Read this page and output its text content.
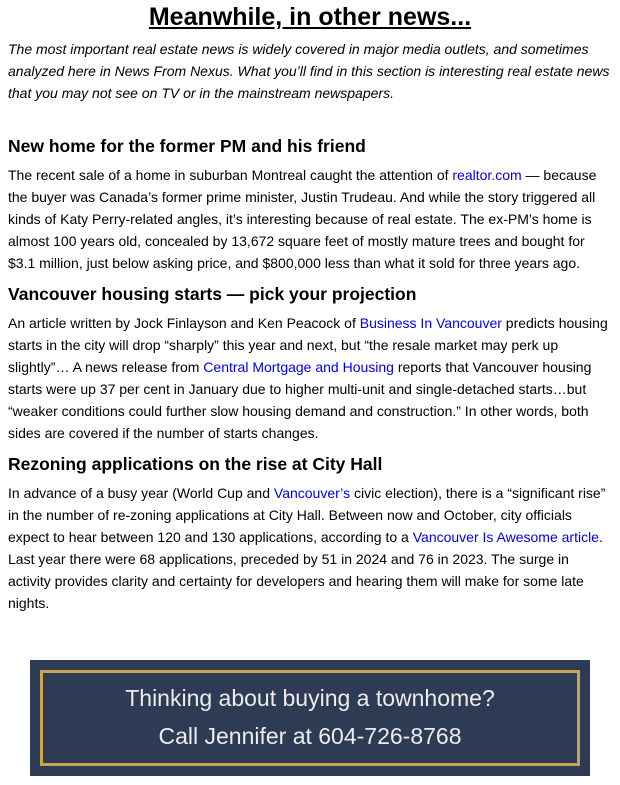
Meanwhile, in other news...

The most important real estate news is widely covered in major media outlets, and sometimes analyzed here in News From Nexus. What you’ll find in this section is interesting real estate news that you may not see on TV or in the mainstream newspapers.

New home for the former PM and his friend

The recent sale of a home in suburban Montreal caught the attention of realtor.com — because the buyer was Canada’s former prime minister, Justin Trudeau. And while the story triggered all kinds of Katy Perry-related angles, it’s interesting because of real estate. The ex-PM’s home is almost 100 years old, concealed by 13,672 square feet of mostly mature trees and bought for $3.1 million, just below asking price, and $800,000 less than what it sold for three years ago.

Vancouver housing starts — pick your projection

An article written by Jock Finlayson and Ken Peacock of Business In Vancouver predicts housing starts in the city will drop “sharply” this year and next, but “the resale market may perk up slightly”… A news release from Central Mortgage and Housing reports that Vancouver housing starts were up 37 per cent in January due to higher multi-unit and single-detached starts…but “weaker conditions could further slow housing demand and construction.” In other words, both sides are covered if the number of starts changes.

Rezoning applications on the rise at City Hall

In advance of a busy year (World Cup and Vancouver’s civic election), there is a “significant rise” in the number of re-zoning applications at City Hall. Between now and October, city officials expect to hear between 120 and 130 applications, according to a Vancouver Is Awesome article. Last year there were 68 applications, preceded by 51 in 2024 and 76 in 2023. The surge in activity provides clarity and certainty for developers and hearing them will make for some late nights.

Thinking about buying a townhome?
Call Jennifer at 604-726-8768
